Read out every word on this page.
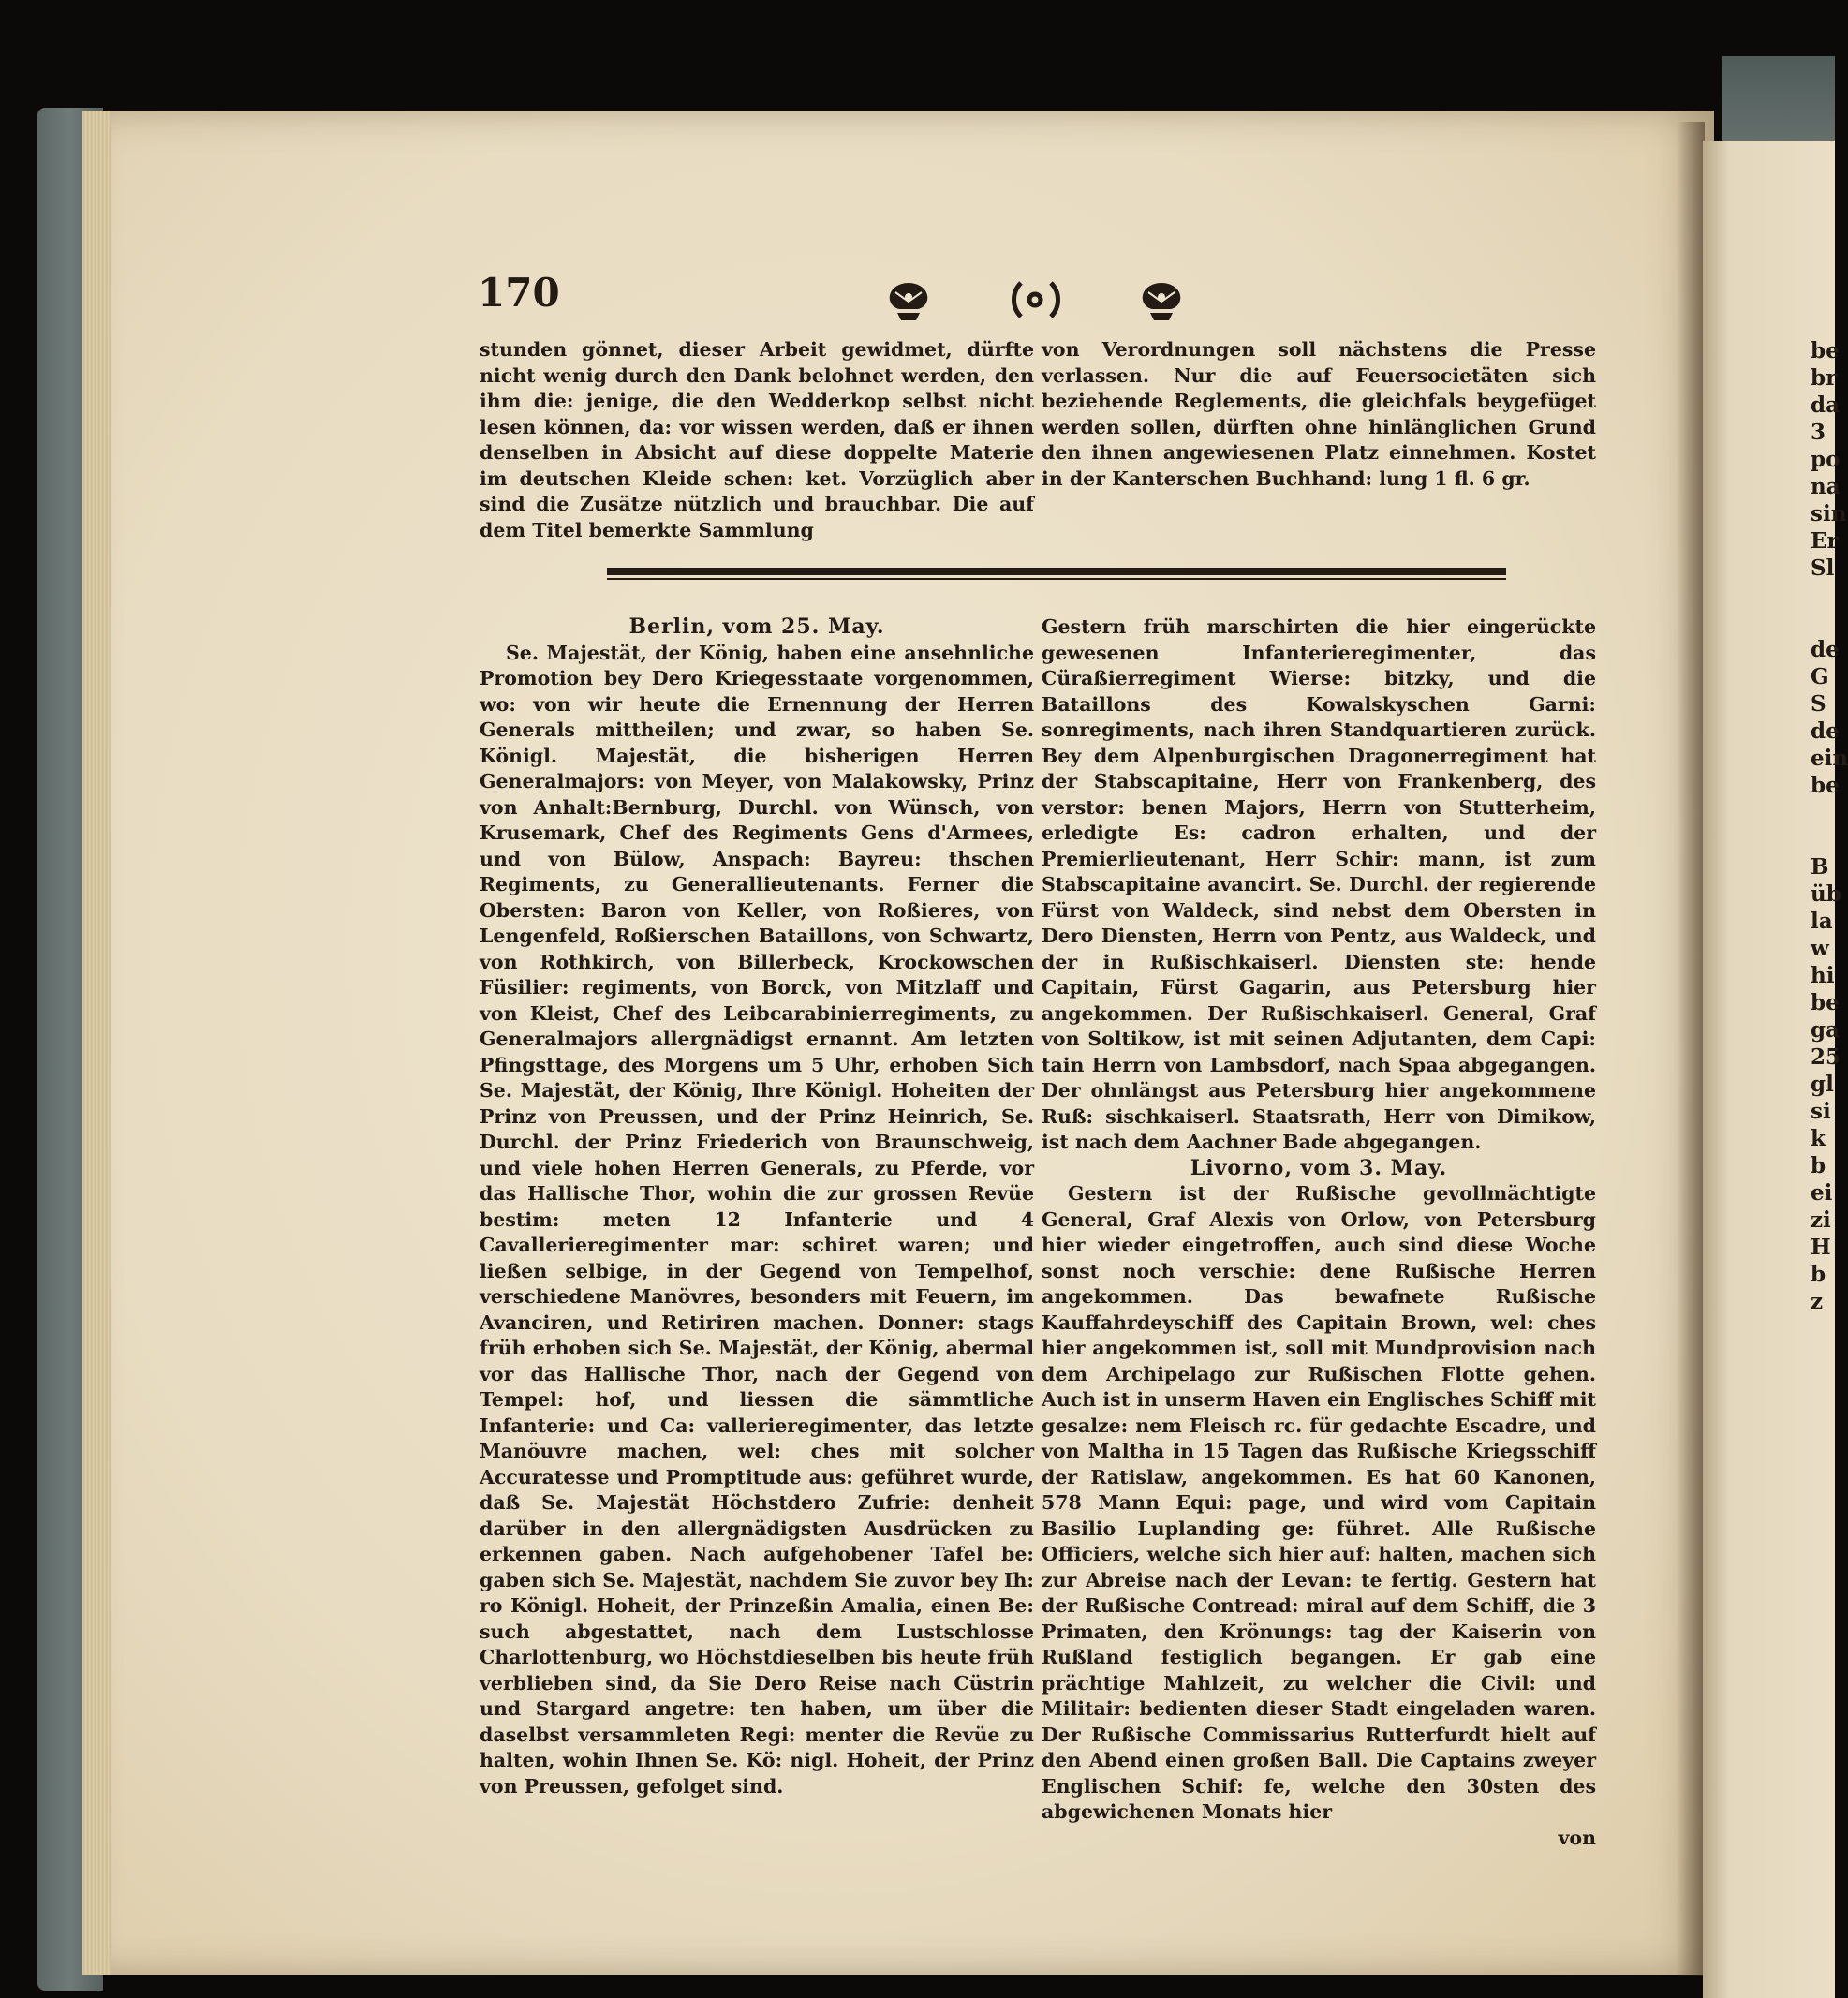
be
br
da
3
po
na
sin
Er
Sl

de
G
S
de
ein
be

B
üb
la
w
hi
be
ga
25
gl
si
k
b
ei
zi
H
b
z
170

stunden gönnet, dieser Arbeit gewidmet, dürfte nicht wenig durch den Dank belohnet werden, den ihm die: jenige, die den Wedderkop selbst nicht lesen können, da: vor wissen werden, daß er ihnen denselben in Absicht auf diese doppelte Materie im deutschen Kleide schen: ket. Vorzüglich aber sind die Zusätze nützlich und brauchbar. Die auf dem Titel bemerkte Sammlung

von Verordnungen soll nächstens die Presse verlassen. Nur die auf Feuersocietäten sich beziehende Reglements, die gleichfals beygefüget werden sollen, dürften ohne hinlänglichen Grund den ihnen angewiesenen Platz einnehmen. Kostet in der Kanterschen Buchhand: lung 1 fl. 6 gr.

Berlin, vom 25. May.

Se. Majestät, der König, haben eine ansehnliche Promotion bey Dero Kriegesstaate vorgenommen, wo: von wir heute die Ernennung der Herren Generals mittheilen; und zwar, so haben Se. Königl. Majestät, die bisherigen Herren Generalmajors: von Meyer, von Malakowsky, Prinz von Anhalt:Bernburg, Durchl. von Wünsch, von Krusemark, Chef des Regiments Gens d'Armees, und von Bülow, Anspach: Bayreu: thschen Regiments, zu Generallieutenants. Ferner die Obersten: Baron von Keller, von Roßieres, von Lengenfeld, Roßierschen Bataillons, von Schwartz, von Rothkirch, von Billerbeck, Krockowschen Füsilier: regiments, von Borck, von Mitzlaff und von Kleist, Chef des Leibcarabinierregiments, zu Generalmajors allergnädigst ernannt. Am letzten Pfingsttage, des Morgens um 5 Uhr, erhoben Sich Se. Majestät, der König, Ihre Königl. Hoheiten der Prinz von Preussen, und der Prinz Heinrich, Se. Durchl. der Prinz Friederich von Braunschweig, und viele hohen Herren Generals, zu Pferde, vor das Hallische Thor, wohin die zur grossen Revüe bestim: meten 12 Infanterie und 4 Cavallerieregimenter mar: schiret waren; und ließen selbige, in der Gegend von Tempelhof, verschiedene Manövres, besonders mit Feuern, im Avanciren, und Retiriren machen. Donner: stags früh erhoben sich Se. Majestät, der König, abermal vor das Hallische Thor, nach der Gegend von Tempel: hof, und liessen die sämmtliche Infanterie: und Ca: vallerieregimenter, das letzte Manöuvre machen, wel: ches mit solcher Accuratesse und Promptitude aus: geführet wurde, daß Se. Majestät Höchstdero Zufrie: denheit darüber in den allergnädigsten Ausdrücken zu erkennen gaben. Nach aufgehobener Tafel be: gaben sich Se. Majestät, nachdem Sie zuvor bey Ih: ro Königl. Hoheit, der Prinzeßin Amalia, einen Be: such abgestattet, nach dem Lustschlosse Charlottenburg, wo Höchstdieselben bis heute früh verblieben sind, da Sie Dero Reise nach Cüstrin und Stargard angetre: ten haben, um über die daselbst versammleten Regi: menter die Revüe zu halten, wohin Ihnen Se. Kö: nigl. Hoheit, der Prinz von Preussen, gefolget sind.

Gestern früh marschirten die hier eingerückte gewesenen Infanterieregimenter, das Cüraßierregiment Wierse: bitzky, und die Bataillons des Kowalskyschen Garni: sonregiments, nach ihren Standquartieren zurück. Bey dem Alpenburgischen Dragonerregiment hat der Stabscapitaine, Herr von Frankenberg, des verstor: benen Majors, Herrn von Stutterheim, erledigte Es: cadron erhalten, und der Premierlieutenant, Herr Schir: mann, ist zum Stabscapitaine avancirt. Se. Durchl. der regierende Fürst von Waldeck, sind nebst dem Obersten in Dero Diensten, Herrn von Pentz, aus Waldeck, und der in Rußischkaiserl. Diensten ste: hende Capitain, Fürst Gagarin, aus Petersburg hier angekommen. Der Rußischkaiserl. General, Graf von Soltikow, ist mit seinen Adjutanten, dem Capi: tain Herrn von Lambsdorf, nach Spaa abgegangen. Der ohnlängst aus Petersburg hier angekommene Ruß: sischkaiserl. Staatsrath, Herr von Dimikow, ist nach dem Aachner Bade abgegangen.

Livorno, vom 3. May.

Gestern ist der Rußische gevollmächtigte General, Graf Alexis von Orlow, von Petersburg hier wieder eingetroffen, auch sind diese Woche sonst noch verschie: dene Rußische Herren angekommen. Das bewafnete Rußische Kauffahrdeyschiff des Capitain Brown, wel: ches hier angekommen ist, soll mit Mundprovision nach dem Archipelago zur Rußischen Flotte gehen. Auch ist in unserm Haven ein Englisches Schiff mit gesalze: nem Fleisch rc. für gedachte Escadre, und von Maltha in 15 Tagen das Rußische Kriegsschiff der Ratislaw, angekommen. Es hat 60 Kanonen, 578 Mann Equi: page, und wird vom Capitain Basilio Luplanding ge: führet. Alle Rußische Officiers, welche sich hier auf: halten, machen sich zur Abreise nach der Levan: te fertig. Gestern hat der Rußische Contread: miral auf dem Schiff, die 3 Primaten, den Krönungs: tag der Kaiserin von Rußland festiglich begangen. Er gab eine prächtige Mahlzeit, zu welcher die Civil: und Militair: bedienten dieser Stadt eingeladen waren. Der Rußische Commissarius Rutterfurdt hielt auf den Abend einen großen Ball. Die Captains zweyer Englischen Schif: fe, welche den 30sten des abgewichenen Monats hier

von
